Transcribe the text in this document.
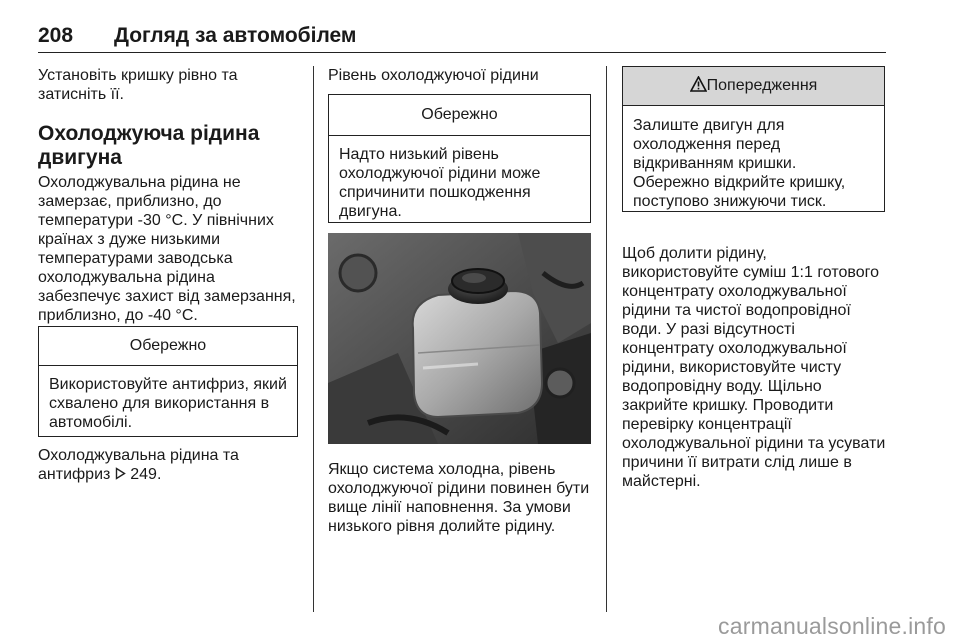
208 Догляд за автомобілем

Установіть кришку рівно та
затисніть її.

Охолоджуюча рідина
двигуна

Охолоджувальна рідина не
замерзає, приблизно, до
температури -30 °C. У північних
країнах з дуже низькими
температурами заводська
охолоджувальна рідина
забезпечує захист від замерзання,
приблизно, до -40 °C.

Обережно
Використовуйте антифриз, який
схвалено для використання в
автомобілі.
Охолоджувальна рідина та
антифриз 249.
Рівень охолоджуючої рідини
Обережно
Надто низький рівень
охолоджуючої рідини може
спричинити пошкодження
двигуна.

Якщо система холодна, рівень
охолоджуючої рідини повинен бути
вище лінії наповнення. За умови
низького рівня долийте рідину.

Попередження
Залиште двигун для
охолодження перед
відкриванням кришки.
Обережно відкрийте кришку,
поступово знижуючи тиск.

Щоб долити рідину,
використовуйте суміш 1:1 готового
концентрату охолоджувальної
рідини та чистої водопровідної
води. У разі відсутності
концентрату охолоджувальної
рідини, використовуйте чисту
водопровідну воду. Щільно
закрийте кришку. Проводити
перевірку концентрації
охолоджувальної рідини та усувати
причини її витрати слід лише в
майстерні.

carmanualsonline.info
